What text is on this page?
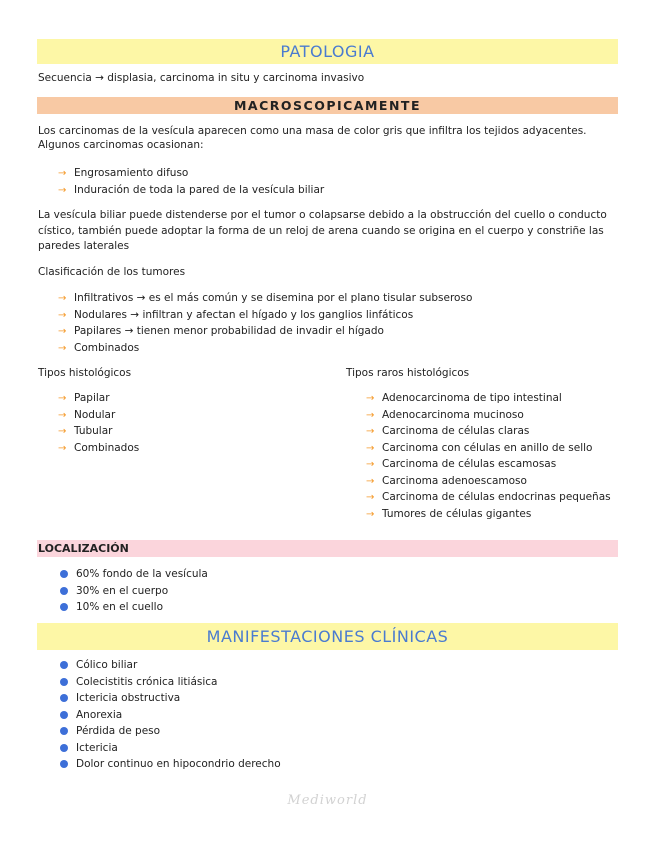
PATOLOGIA
Secuencia → displasia, carcinoma in situ y carcinoma invasivo
MACROSCOPICAMENTE
Los carcinomas de la vesícula aparecen como una masa de color gris que infiltra los tejidos adyacentes. Algunos carcinomas ocasionan:
→ Engrosamiento difuso
→ Induración de toda la pared de la vesícula biliar
La vesícula biliar puede distenderse por el tumor o colapsarse debido a la obstrucción del cuello o conducto cístico, también puede adoptar la forma de un reloj de arena cuando se origina en el cuerpo y constriñe las paredes laterales
Clasificación de los tumores
→ Infiltrativos → es el más común y se disemina por el plano tisular subseroso
→ Nodulares → infiltran y afectan el hígado y los ganglios linfáticos
→ Papilares → tienen menor probabilidad de invadir el hígado
→ Combinados
Tipos histológicos
→ Papilar
→ Nodular
→ Tubular
→ Combinados
Tipos raros histológicos
→ Adenocarcinoma de tipo intestinal
→ Adenocarcinoma mucinoso
→ Carcinoma de células claras
→ Carcinoma con células en anillo de sello
→ Carcinoma de células escamosas
→ Carcinoma adenoescamoso
→ Carcinoma de células endocrinas pequeñas
→ Tumores de células gigantes
LOCALIZACIÓN
60% fondo de la vesícula
30% en el cuerpo
10% en el cuello
MANIFESTACIONES CLÍNICAS
Cólico biliar
Colecistitis crónica litiásica
Ictericia obstructiva
Anorexia
Pérdida de peso
Ictericia
Dolor continuo en hipocondrio derecho
Mediworld
